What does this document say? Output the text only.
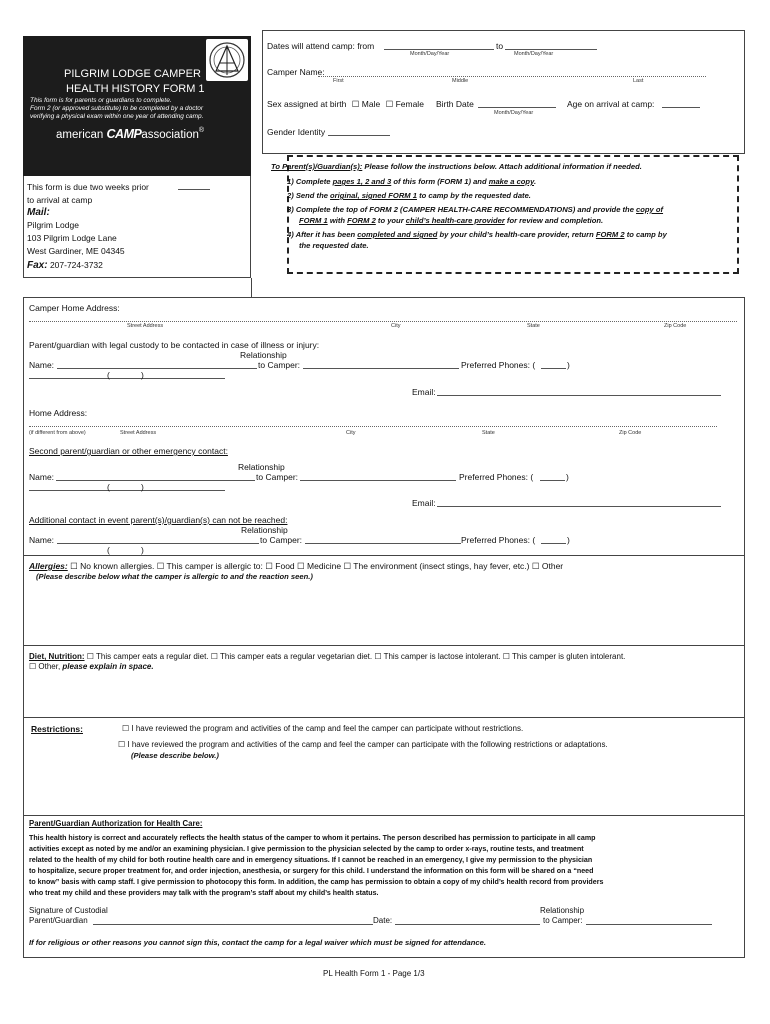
PILGRIM LODGE CAMPER
HEALTH HISTORY FORM 1
This form is for parents or guardians to complete.
Form 2 (or approved substitute) to be completed by a doctor
verifying a physical exam within one year of attending camp.
american CAMPassociation®
This form is due two weeks prior
to arrival at camp
Mail:
Pilgrim Lodge
103 Pilgrim Lodge Lane
West Gardiner, ME 04345
Fax: 207-724-3732
Dates will attend camp: from	to
Month/Day/Year	Month/Day/Year
Camper Name:
First	Middle	Last
Sex assigned at birth ☐ Male ☐ Female Birth Date
Month/Day/Year
Age on arrival at camp:
Gender Identity
To Parent(s)/Guardian(s): Please follow the instructions below. Attach additional information if needed.
1) Complete pages 1, 2 and 3 of this form (FORM 1) and make a copy.
2) Send the original, signed FORM 1 to camp by the requested date.
3) Complete the top of FORM 2 (CAMPER HEALTH-CARE RECOMMENDATIONS) and provide the copy of
FORM 1 with FORM 2 to your child’s health-care provider for review and completion.
4) After it has been completed and signed by your child’s health-care provider, return FORM 2 to camp by
the requested date.
Camper Home Address:
Street Address	City	State	Zip Code
Parent/guardian with legal custody to be contacted in case of illness or injury:
Relationship
Name:	to Camper:	Preferred Phones: (	)
(	)
Email:
Home Address:
(if different from above)	Street Address	City	State	Zip Code
Second parent/guardian or other emergency contact:
Relationship
Name:	to Camper:	Preferred Phones: (	)
(	)
Email:
Additional contact in event parent(s)/guardian(s) can not be reached:
Relationship
Name:	to Camper:	Preferred Phones: (	)
(	)
Allergies: ☐ No known allergies. ☐ This camper is allergic to: ☐ Food ☐ Medicine ☐ The environment (insect stings, hay fever, etc.) ☐ Other
(Please describe below what the camper is allergic to and the reaction seen.)
Diet, Nutrition: ☐ This camper eats a regular diet. ☐ This camper eats a regular vegetarian diet. ☐ This camper is lactose intolerant. ☐ This camper is gluten intolerant.
☐ Other, please explain in space.
Restrictions: ☐	I have reviewed the program and activities of the camp and feel the camper can participate without restrictions.
☐ I have reviewed the program and activities of the camp and feel the camper can participate with the following restrictions or adaptations.
(Please describe below.)
Parent/Guardian Authorization for Health Care:
This health history is correct and accurately reflects the health status of the camper to whom it pertains. The person described has permission to participate in all camp
activities except as noted by me and/or an examining physician. I give permission to the physician selected by the camp to order x-rays, routine tests, and treatment
related to the health of my child for both routine health care and in emergency situations. If I cannot be reached in an emergency, I give my permission to the physician
to hospitalize, secure proper treatment for, and order injection, anesthesia, or surgery for this child. I understand the information on this form will be shared on a “need
to know” basis with camp staff. I give permission to photocopy this form. In addition, the camp has permission to obtain a copy of my child’s health record from providers
who treat my child and these providers may talk with the program’s staff about my child’s health status.
Signature of Custodial
Parent/Guardian	Date:
Relationship
to Camper:
If for religious or other reasons you cannot sign this, contact the camp for a legal waiver which must be signed for attendance.
PL Health Form 1 - Page 1/3
